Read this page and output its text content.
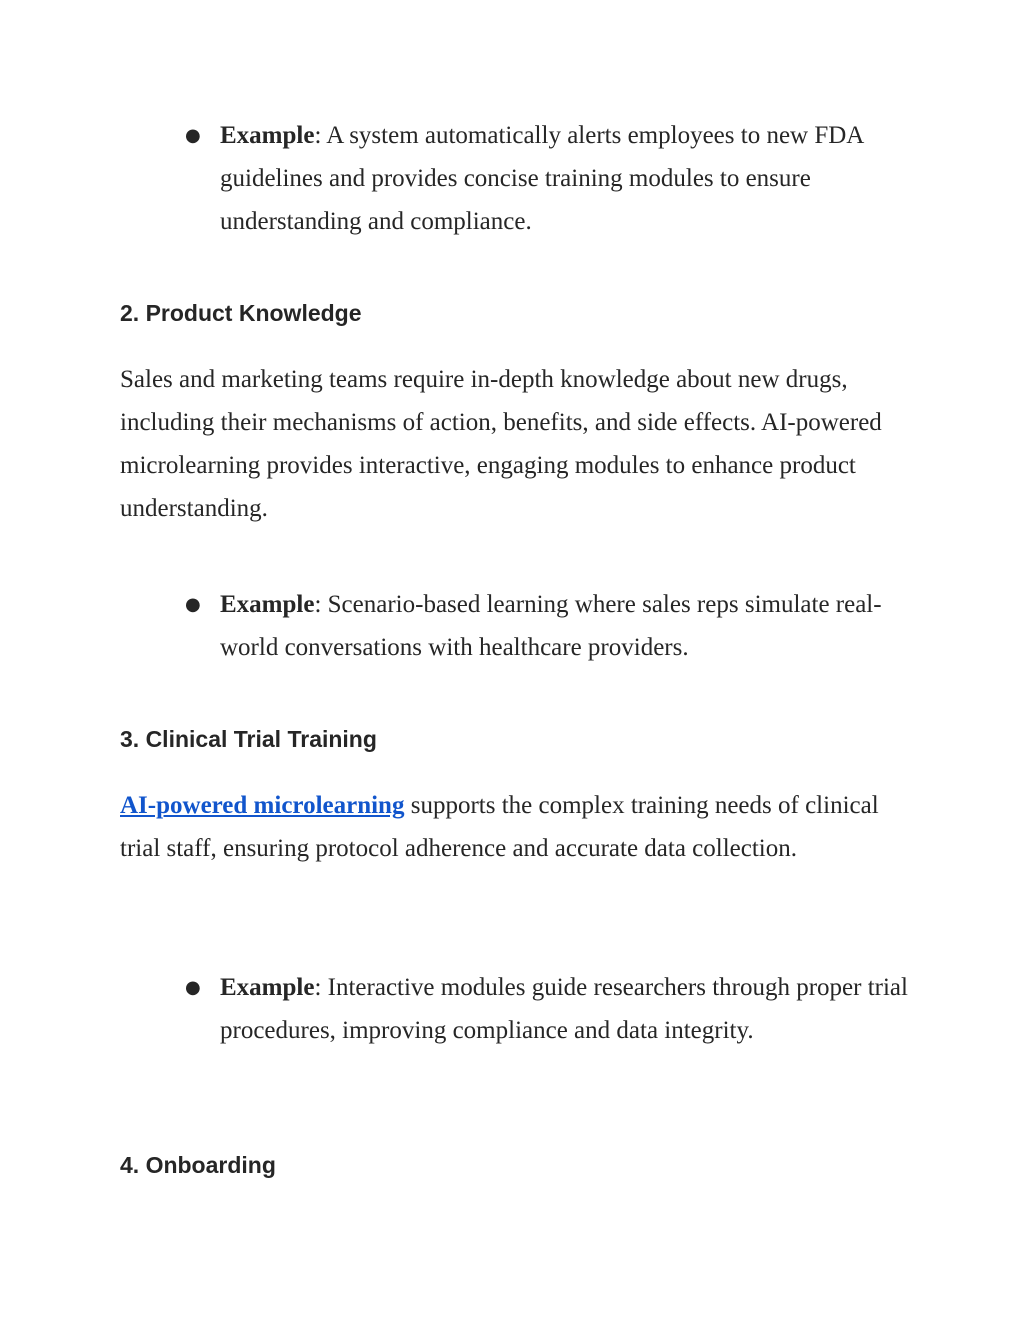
● Example: A system automatically alerts employees to new FDA guidelines and provides concise training modules to ensure understanding and compliance.
2. Product Knowledge

Sales and marketing teams require in-depth knowledge about new drugs, including their mechanisms of action, benefits, and side effects. AI-powered microlearning provides interactive, engaging modules to enhance product understanding.

● Example: Scenario-based learning where sales reps simulate real-world conversations with healthcare providers.
3. Clinical Trial Training

AI-powered microlearning supports the complex training needs of clinical trial staff, ensuring protocol adherence and accurate data collection.

● Example: Interactive modules guide researchers through proper trial procedures, improving compliance and data integrity.
4. Onboarding
